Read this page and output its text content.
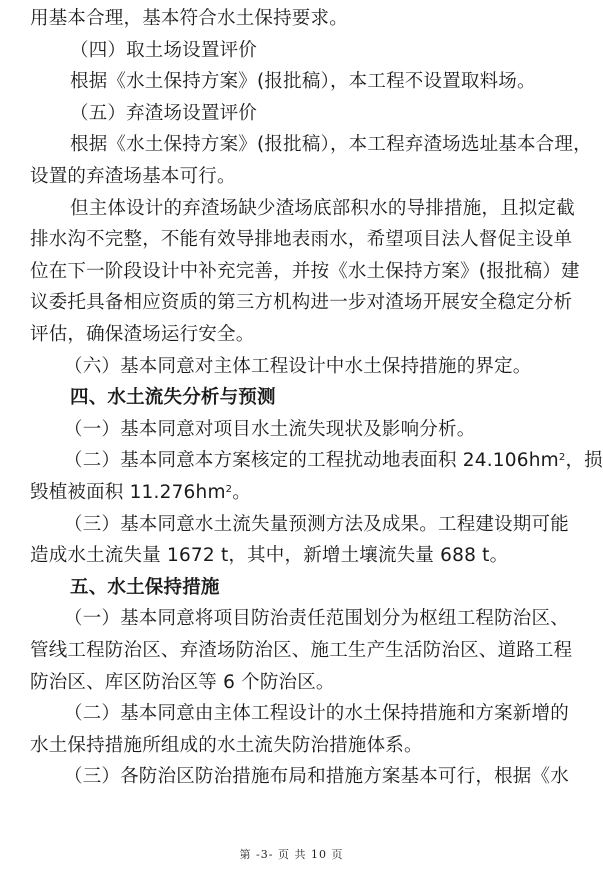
用基本合理，基本符合水土保持要求。
（四）取土场设置评价
根据《水土保持方案》(报批稿），本工程不设置取料场。
（五）弃渣场设置评价
根据《水土保持方案》(报批稿），本工程弃渣场选址基本合理，
设置的弃渣场基本可行。
但主体设计的弃渣场缺少渣场底部积水的导排措施，且拟定截
排水沟不完整，不能有效导排地表雨水，希望项目法人督促主设单
位在下一阶段设计中补充完善，并按《水土保持方案》(报批稿）建
议委托具备相应资质的第三方机构进一步对渣场开展安全稳定分析
评估，确保渣场运行安全。
（六）基本同意对主体工程设计中水土保持措施的界定。
四、水土流失分析与预测
（一）基本同意对项目水土流失现状及影响分析。
（二）基本同意本方案核定的工程扰动地表面积 $24.106hm^2$，损
毁植被面积 $11.276hm^2$。
（三）基本同意水土流失量预测方法及成果。工程建设期可能
造成水土流失量 1672 t，其中，新增土壤流失量 688 t。
五、水土保持措施
（一）基本同意将项目防治责任范围划分为枢纽工程防治区、
管线工程防治区、弃渣场防治区、施工生产生活防治区、道路工程
防治区、库区防治区等 6 个防治区。
（二）基本同意由主体工程设计的水土保持措施和方案新增的
水土保持措施所组成的水土流失防治措施体系。
（三）各防治区防治措施布局和措施方案基本可行，根据《水
第 -3- 页 共 10 页
